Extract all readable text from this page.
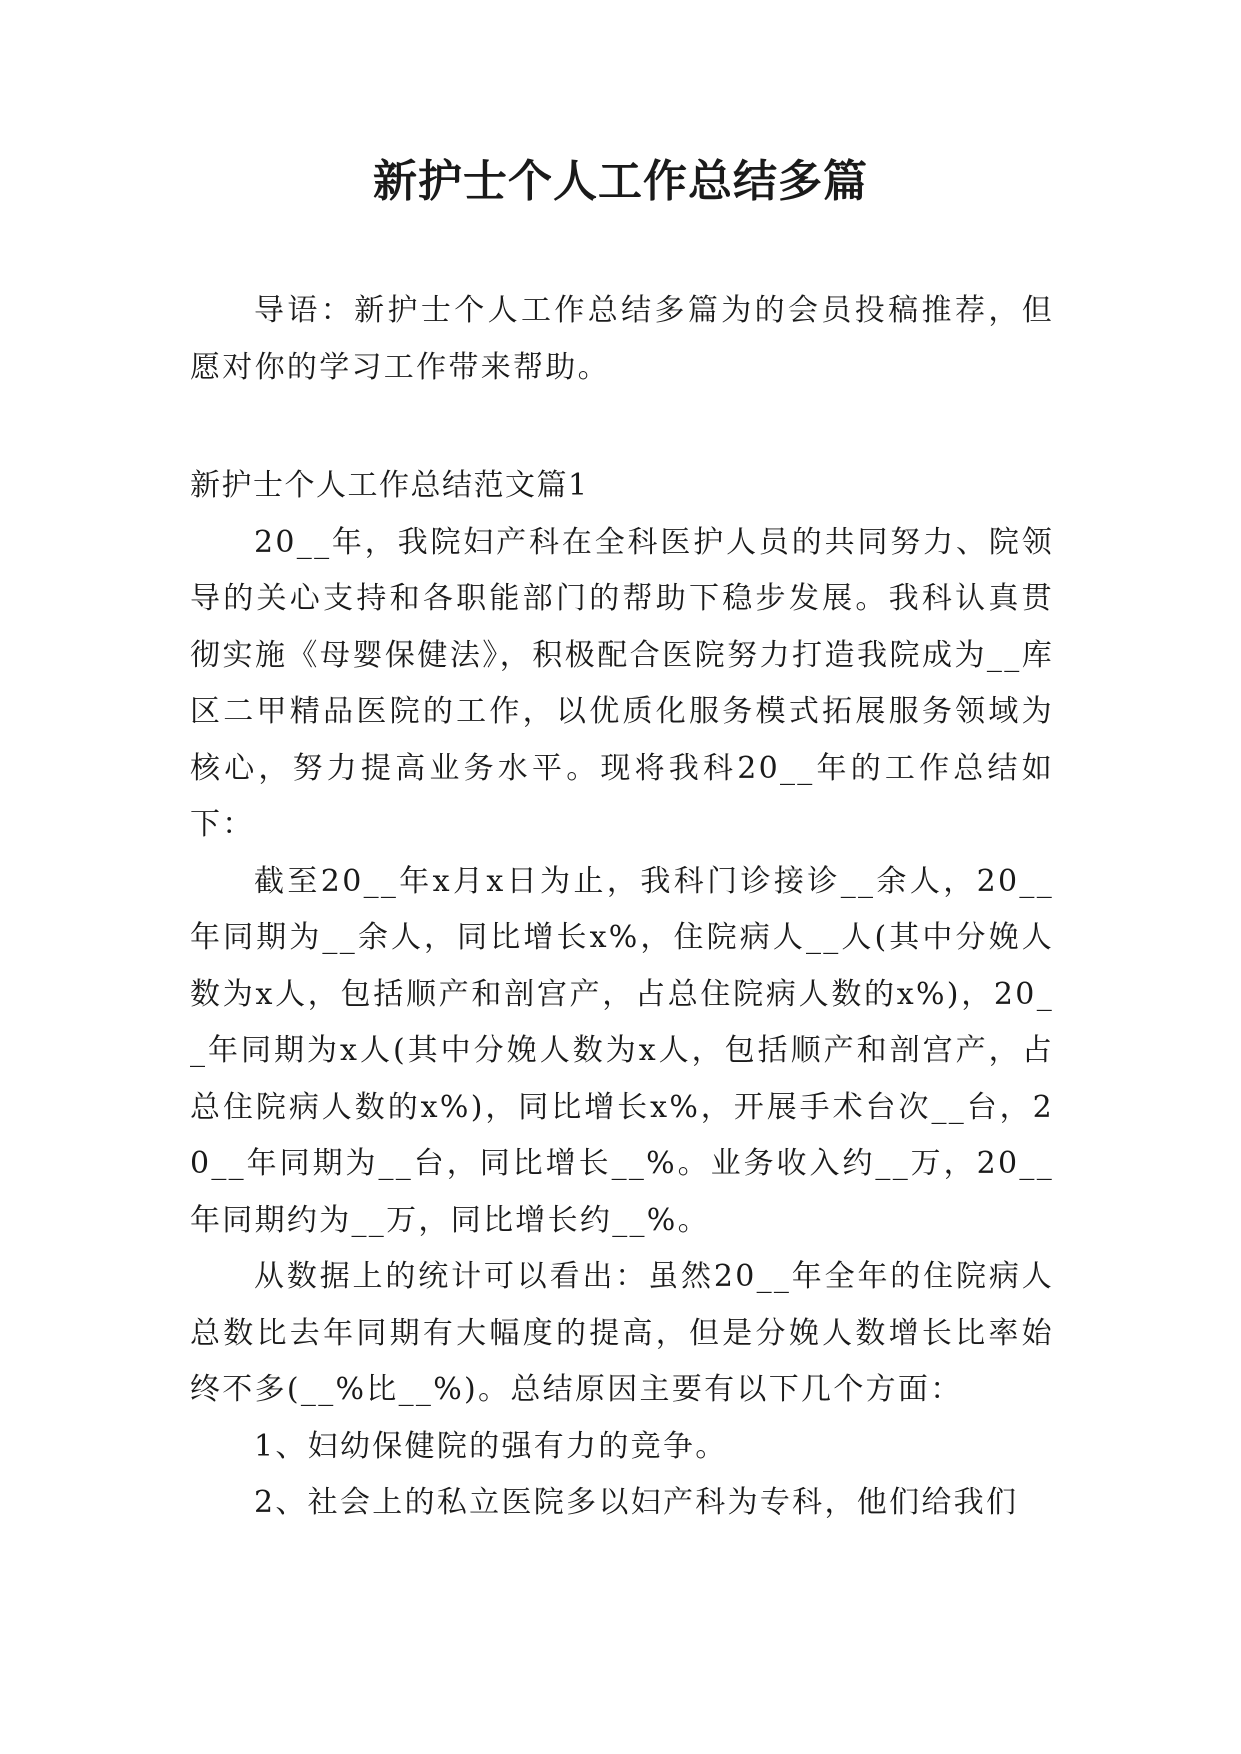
新护士个人工作总结多篇

导语：新护士个人工作总结多篇为的会员投稿推荐，但愿对你的学习工作带来帮助。

新护士个人工作总结范文篇1

20__年，我院妇产科在全科医护人员的共同努力、院领导的关心支持和各职能部门的帮助下稳步发展。我科认真贯彻实施《母婴保健法》，积极配合医院努力打造我院成为__库区二甲精品医院的工作，以优质化服务模式拓展服务领域为核心，努力提高业务水平。现将我科20__年的工作总结如下：

截至20__年x月x日为止，我科门诊接诊__余人，20__年同期为__余人，同比增长x%，住院病人__人(其中分娩人数为x人，包括顺产和剖宫产，占总住院病人数的x%)，20__年同期为x人(其中分娩人数为x人，包括顺产和剖宫产，占总住院病人数的x%)，同比增长x%，开展手术台次__台，20__年同期为__台，同比增长__%。业务收入约__万，20__年同期约为__万，同比增长约__%。

从数据上的统计可以看出：虽然20__年全年的住院病人总数比去年同期有大幅度的提高，但是分娩人数增长比率始终不多(__%比__%)。总结原因主要有以下几个方面：

1、妇幼保健院的强有力的竞争。

2、社会上的私立医院多以妇产科为专科，他们给我们
